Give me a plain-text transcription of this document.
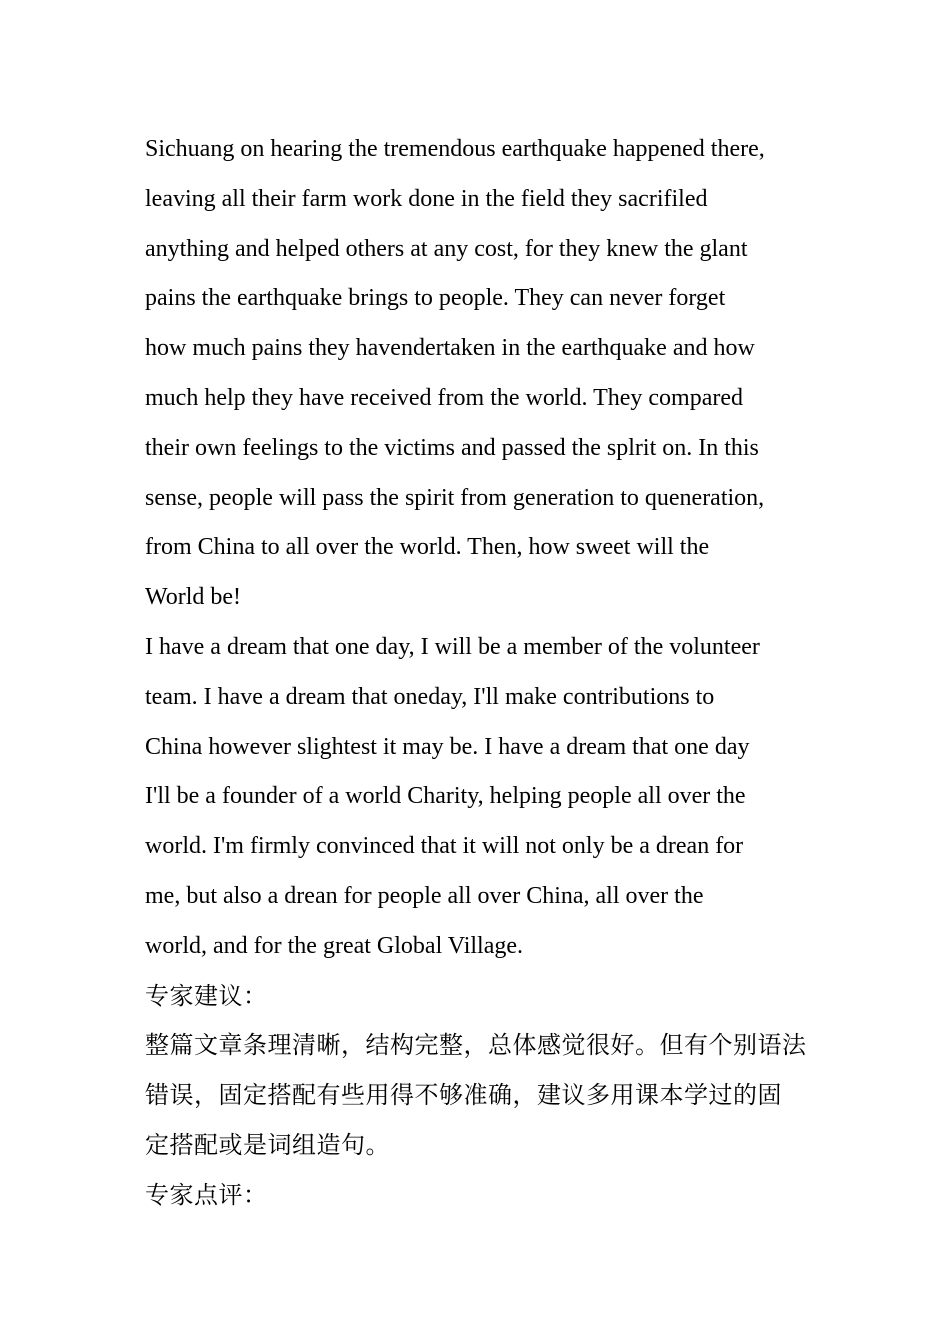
Sichuang on hearing the tremendous earthquake happened there,
leaving all their farm work done in the field they sacrifiled
anything and helped others at any cost, for they knew the glant
pains the earthquake brings to people. They can never forget
how much pains they havendertaken in the earthquake and how
much help they have received from the world. They compared
their own feelings to the victims and passed the splrit on. In this
sense, people will pass the spirit from generation to queneration,
from China to all over the world. Then, how sweet will the
World be!

I have a dream that one day, I will be a member of the volunteer
team. I have a dream that oneday, I'll make contributions to
China however slightest it may be. I have a dream that one day
I'll be a founder of a world Charity, helping people all over the
world. I'm firmly convinced that it will not only be a drean for
me, but also a drean for people all over China, all over the
world, and for the great Global Village.

专家建议：

整篇文章条理清晰，结构完整，总体感觉很好。但有个别语法
错误，固定搭配有些用得不够准确，建议多用课本学过的固
定搭配或是词组造句。

专家点评：
